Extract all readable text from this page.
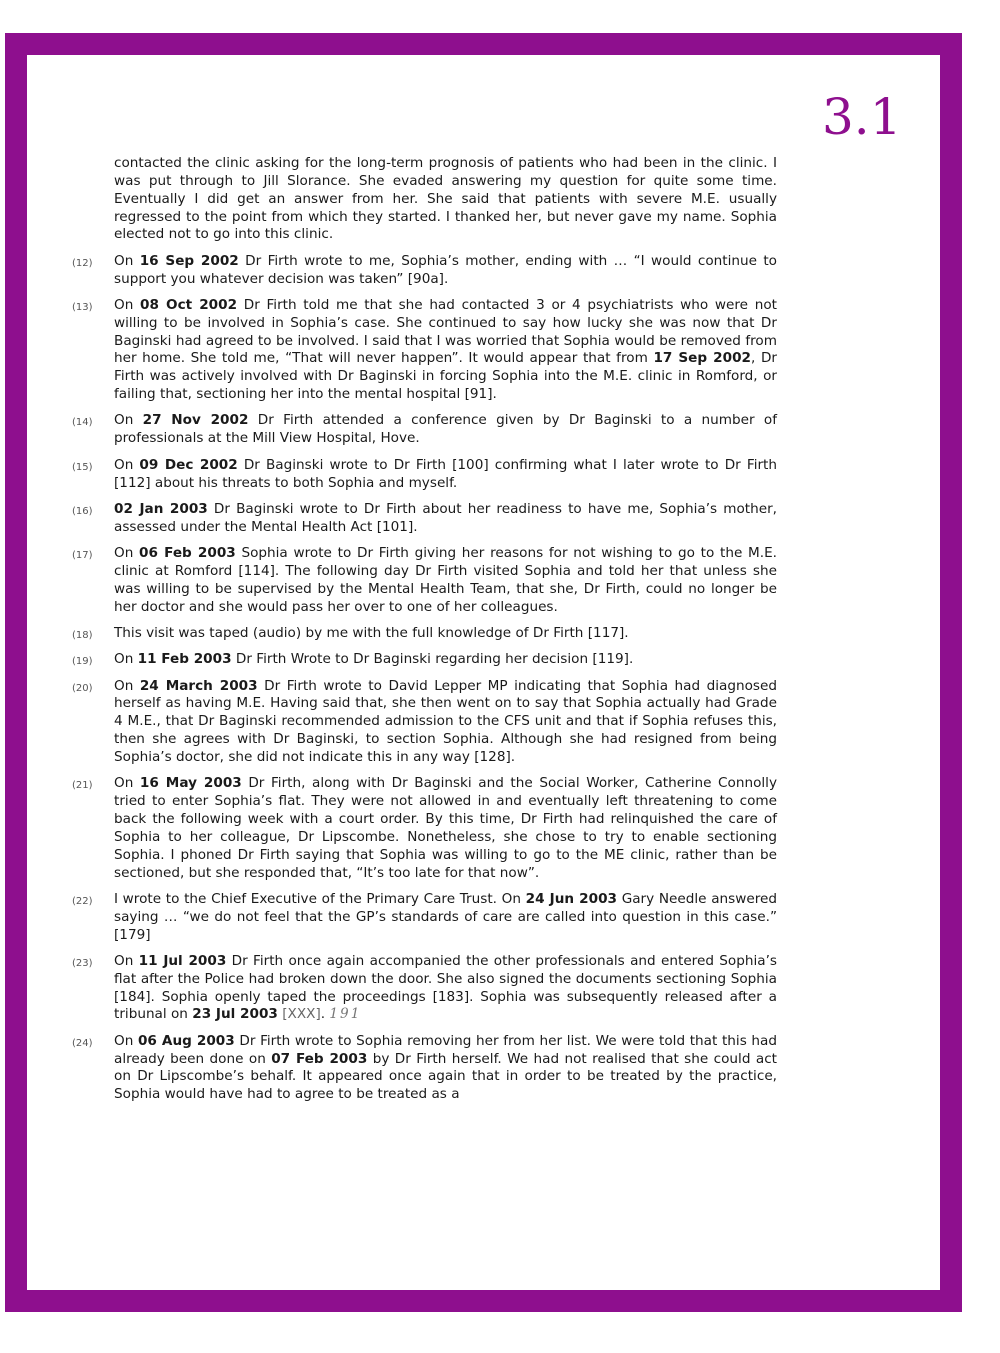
3.1

contacted the clinic asking for the long-term prognosis of patients who had been in the clinic. I was put through to Jill Slorance. She evaded answering my question for quite some time. Eventually I did get an answer from her. She said that patients with severe M.E. usually regressed to the point from which they started. I thanked her, but never gave my name. Sophia elected not to go into this clinic.

(12) On 16 Sep 2002 Dr Firth wrote to me, Sophia’s mother, ending with … “I would continue to support you whatever decision was taken” [90a].

(13) On 08 Oct 2002 Dr Firth told me that she had contacted 3 or 4 psychiatrists who were not willing to be involved in Sophia’s case. She continued to say how lucky she was now that Dr Baginski had agreed to be involved. I said that I was worried that Sophia would be removed from her home. She told me, “That will never happen”. It would appear that from 17 Sep 2002, Dr Firth was actively involved with Dr Baginski in forcing Sophia into the M.E. clinic in Romford, or failing that, sectioning her into the mental hospital [91].

(14) On 27 Nov 2002 Dr Firth attended a conference given by Dr Baginski to a number of professionals at the Mill View Hospital, Hove.

(15) On 09 Dec 2002 Dr Baginski wrote to Dr Firth [100] confirming what I later wrote to Dr Firth [112] about his threats to both Sophia and myself.

(16) 02 Jan 2003 Dr Baginski wrote to Dr Firth about her readiness to have me, Sophia’s mother, assessed under the Mental Health Act [101].

(17) On 06 Feb 2003 Sophia wrote to Dr Firth giving her reasons for not wishing to go to the M.E. clinic at Romford [114]. The following day Dr Firth visited Sophia and told her that unless she was willing to be supervised by the Mental Health Team, that she, Dr Firth, could no longer be her doctor and she would pass her over to one of her colleagues.

(18) This visit was taped (audio) by me with the full knowledge of Dr Firth [117].

(19) On 11 Feb 2003 Dr Firth Wrote to Dr Baginski regarding her decision [119].

(20) On 24 March 2003 Dr Firth wrote to David Lepper MP indicating that Sophia had diagnosed herself as having M.E. Having said that, she then went on to say that Sophia actually had Grade 4 M.E., that Dr Baginski recommended admission to the CFS unit and that if Sophia refuses this, then she agrees with Dr Baginski, to section Sophia. Although she had resigned from being Sophia’s doctor, she did not indicate this in any way [128].

(21) On 16 May 2003 Dr Firth, along with Dr Baginski and the Social Worker, Catherine Connolly tried to enter Sophia’s flat. They were not allowed in and eventually left threatening to come back the following week with a court order. By this time, Dr Firth had relinquished the care of Sophia to her colleague, Dr Lipscombe. Nonetheless, she chose to try to enable sectioning Sophia. I phoned Dr Firth saying that Sophia was willing to go to the ME clinic, rather than be sectioned, but she responded that, “It’s too late for that now”.

(22) I wrote to the Chief Executive of the Primary Care Trust. On 24 Jun 2003 Gary Needle answered saying … “we do not feel that the GP’s standards of care are called into question in this case.” [179]

(23) On 11 Jul 2003 Dr Firth once again accompanied the other professionals and entered Sophia’s flat after the Police had broken down the door. She also signed the documents sectioning Sophia [184]. Sophia openly taped the proceedings [183]. Sophia was subsequently released after a tribunal on 23 Jul 2003 [XXX]. 191

(24) On 06 Aug 2003 Dr Firth wrote to Sophia removing her from her list. We were told that this had already been done on 07 Feb 2003 by Dr Firth herself. We had not realised that she could act on Dr Lipscombe’s behalf. It appeared once again that in order to be treated by the practice, Sophia would have had to agree to be treated as a
